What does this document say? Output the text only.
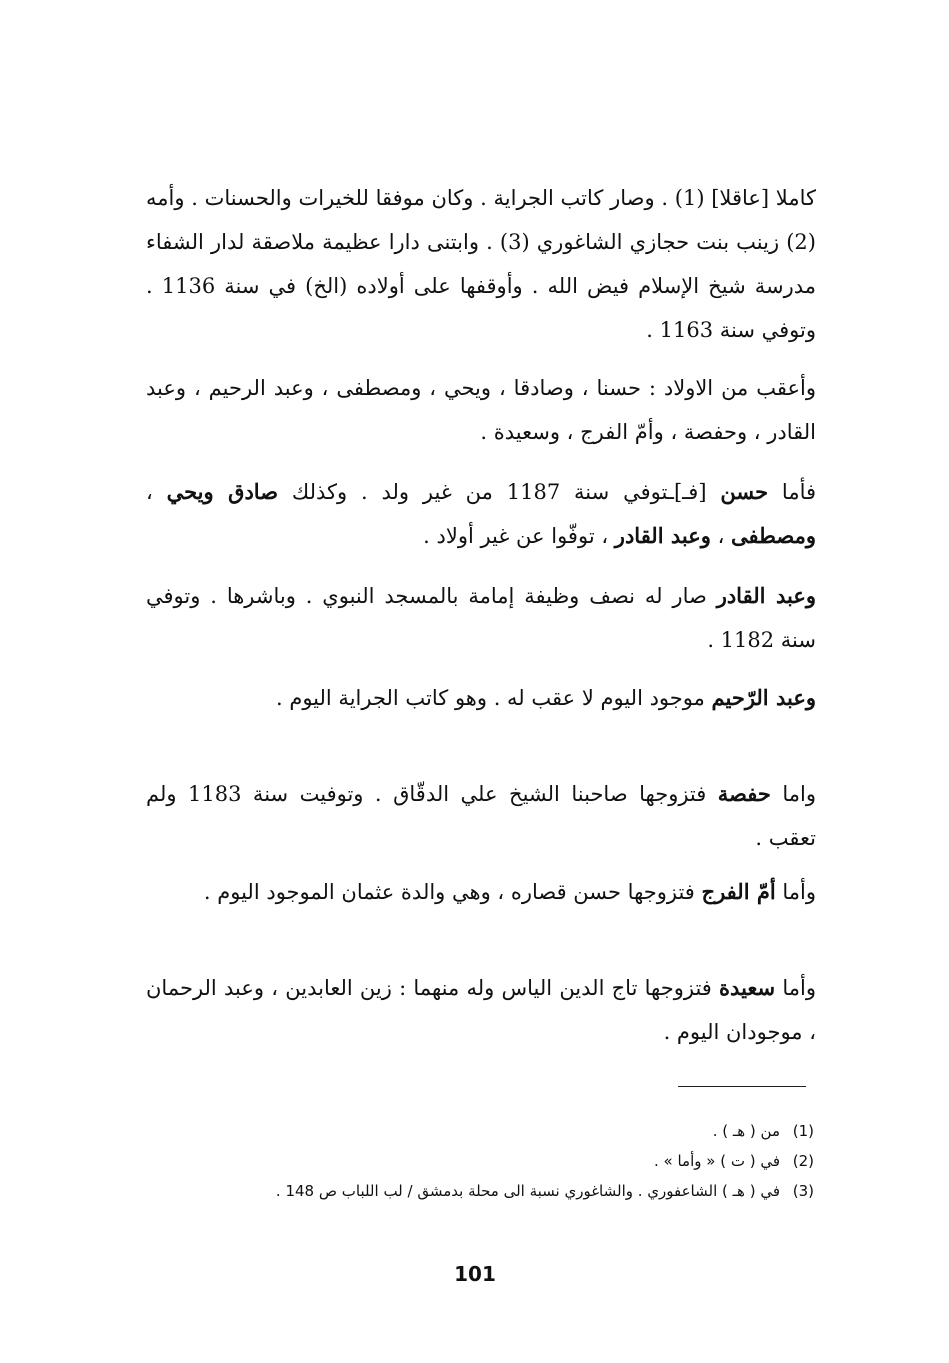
كاملا [عاقلا] (1) . وصار كاتب الجراية . وكان موفقا للخيرات والحسنات . وأمه (2) زينب بنت حجازي الشاغوري (3) . وابتنى دارا عظيمة ملاصقة لدار الشفاء مدرسة شيخ الإسلام فيض الله . وأوقفها على أولاده (الخ) في سنة 1136 . وتوفي سنة 1163 .

وأعقب من الاولاد : حسنا ، وصادقا ، ويحي ، ومصطفى ، وعبد الرحيم ، وعبد القادر ، وحفصة ، وأمّ الفرج ، وسعيدة .

فأما حسن [فـ]ـتوفي سنة 1187 من غير ولد . وكذلك صادق ويحي ، ومصطفى ، وعبد القادر ، توفّوا عن غير أولاد .

وعبد القادر صار له نصف وظيفة إمامة بالمسجد النبوي . وباشرها . وتوفي سنة 1182 .

وعبد الرّحيم موجود اليوم لا عقب له . وهو كاتب الجراية اليوم .

واما حفصة فتزوجها صاحبنا الشيخ علي الدقّاق . وتوفيت سنة 1183 ولم تعقب .

وأما أمّ الفرج فتزوجها حسن قصاره ، وهي والدة عثمان الموجود اليوم .

وأما سعيدة فتزوجها تاج الدين الياس وله منهما : زين العابدين ، وعبد الرحمان ، موجودان اليوم .

(1)
من ( هـ ) .
(2)
في ( ت ) « وأما » .
(3)
في ( هـ ) الشاعفوري . والشاغوري نسبة الى محلة بدمشق / لب اللباب ص 148 .
101
